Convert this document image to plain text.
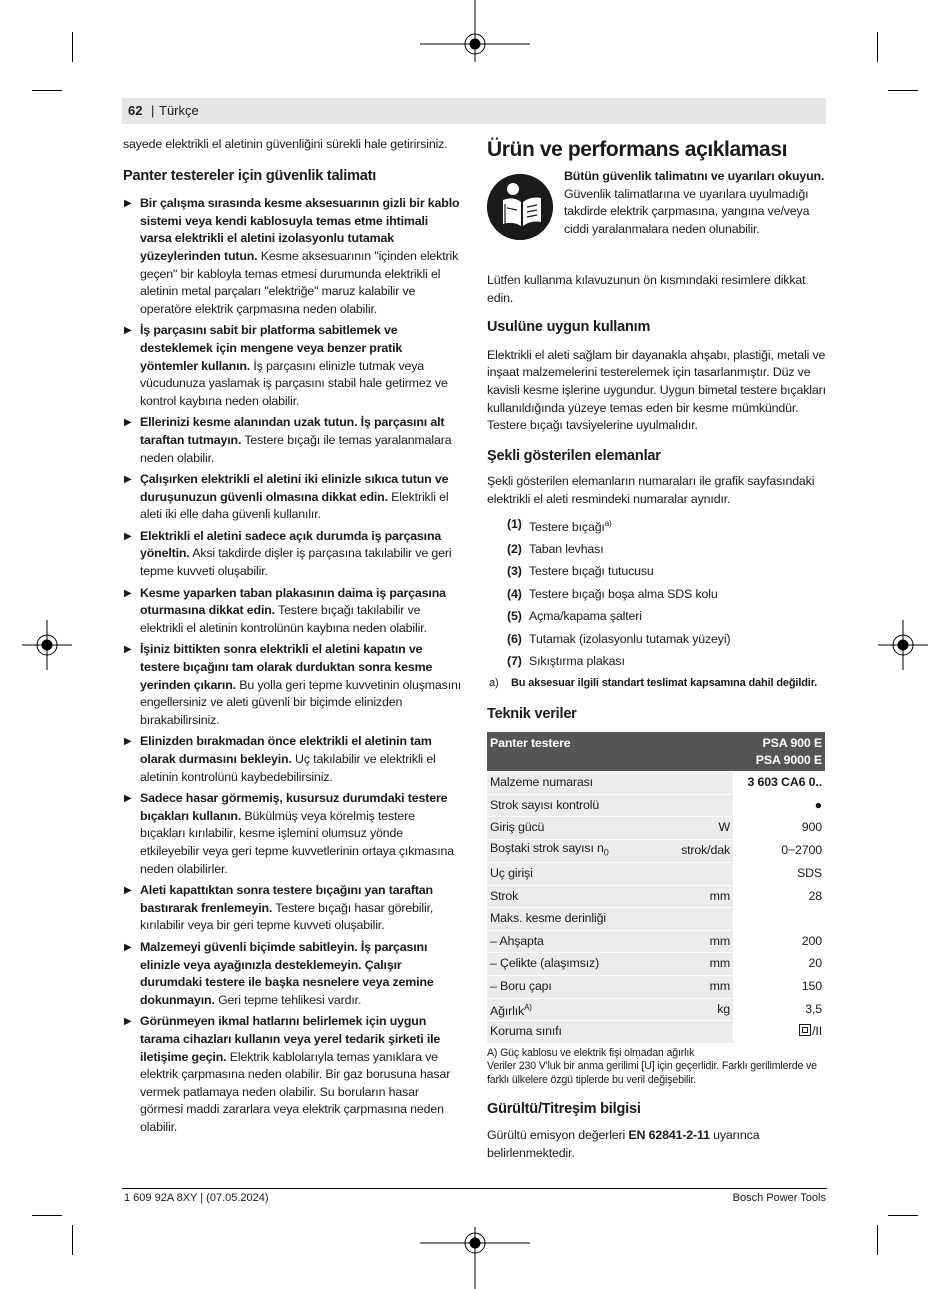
62 | Türkçe
sayede elektrikli el aletinin güvenliğini sürekli hale getirirsiniz.
Panter testereler için güvenlik talimatı
▶ Bir çalışma sırasında kesme aksesuarının gizli bir kablo sistemi veya kendi kablosuyla temas etme ihtimali varsa elektrikli el aletini izolasyonlu tutamak yüzeylerinden tutun. Kesme aksesuarının "içinden elektrik geçen" bir kabloyla temas etmesi durumunda elektrikli el aletinin metal parçaları "elektriğe" maruz kalabilir ve operatöre elektrik çarpmasına neden olabilir.
▶ İş parçasını sabit bir platforma sabitlemek ve desteklemek için mengene veya benzer pratik yöntemler kullanın. İş parçasını elinizle tutmak veya vücudunuza yaslamak iş parçasını stabil hale getirmez ve kontrol kaybına neden olabilir.
▶ Ellerinizi kesme alanından uzak tutun. İş parçasını alt taraftan tutmayın. Testere bıçağı ile temas yaralanmalara neden olabilir.
▶ Çalışırken elektrikli el aletini iki elinizle sıkıca tutun ve duruşunuzun güvenli olmasına dikkat edin. Elektrikli el aleti iki elle daha güvenli kullanılır.
▶ Elektrikli el aletini sadece açık durumda iş parçasına yöneltin. Aksi takdirde dişler iş parçasına takılabilir ve geri tepme kuvveti oluşabilir.
▶ Kesme yaparken taban plakasının daima iş parçasına oturmasına dikkat edin. Testere bıçağı takılabilir ve elektrikli el aletinin kontrolünün kaybına neden olabilir.
▶ İşiniz bittikten sonra elektrikli el aletini kapatın ve testere bıçağını tam olarak durduktan sonra kesme yerinden çıkarın. Bu yolla geri tepme kuvvetinin oluşmasını engellersiniz ve aleti güvenli bir biçimde elinizden bırakabilirsiniz.
▶ Elinizden bırakmadan önce elektrikli el aletinin tam olarak durmasını bekleyin. Uç takılabilir ve elektrikli el aletinin kontrolünü kaybedebilirsiniz.
▶ Sadece hasar görmemiş, kusursuz durumdaki testere bıçakları kullanın. Bükülmüş veya körelmiş testere bıçakları kırılabilir, kesme işlemini olumsuz yönde etkileyebilir veya geri tepme kuvvetlerinin ortaya çıkmasına neden olabilirler.
▶ Aleti kapattıktan sonra testere bıçağını yan taraftan bastırarak frenlemeyin. Testere bıçağı hasar görebilir, kırılabilir veya bir geri tepme kuvveti oluşabilir.
▶ Malzemeyi güvenli biçimde sabitleyin. İş parçasını elinizle veya ayağınızla desteklemeyin. Çalışır durumdaki testere ile başka nesnelere veya zemine dokunmayın. Geri tepme tehlikesi vardır.
▶ Görünmeyen ikmal hatlarını belirlemek için uygun tarama cihazları kullanın veya yerel tedarik şirketi ile iletişime geçin. Elektrik kablolarıyla temas yanıklara ve elektrik çarpmasına neden olabilir. Bir gaz borusuna hasar vermek patlamaya neden olabilir. Su boruların hasar görmesi maddi zararlara veya elektrik çarpmasına neden olabilir.
Ürün ve performans açıklaması
Bütün güvenlik talimatını ve uyarıları okuyun. Güvenlik talimatlarına ve uyarılara uyulmadığı takdirde elektrik çarpmasına, yangına ve/veya ciddi yaralanmalara neden olunabilir.
Lütfen kullanma kılavuzunun ön kısmındaki resimlere dikkat edin.
Usulüne uygun kullanım
Elektrikli el aleti sağlam bir dayanakla ahşabı, plastiği, metali ve inşaat malzemelerini testerelemek için tasarlanmıştır. Düz ve kavisli kesme işlerine uygundur. Uygun bimetal testere bıçakları kullanıldığında yüzeye temas eden bir kesme mümkündür. Testere bıçağı tavsiyelerine uyulmalıdır.
Şekli gösterilen elemanlar
Şekli gösterilen elemanların numaraları ile grafik sayfasındaki elektrikli el aleti resmindeki numaralar aynıdır.
(1) Testere bıçağı$^{a)}$
(2) Taban levhası
(3) Testere bıçağı tutucusu
(4) Testere bıçağı boşa alma SDS kolu
(5) Açma/kapama şalteri
(6) Tutamak (izolasyonlu tutamak yüzeyi)
(7) Sıkıştırma plakası
a)	Bu aksesuar ilgili standart teslimat kapsamına dahil değildir.
Teknik veriler
Panter testere		PSA 900 E
PSA 9000 E

Malzeme numarası		3 603 CA6 0..
Strok sayısı kontrolü		●
Giriş gücü	W	900
Boştaki strok sayısı $n_0$	strok/dak	0−2700
Uç girişi		SDS
Strok	mm	28
Maks. kesme derinliği		
– Ahşapta	mm	200
– Çelikte (alaşımsız)	mm	20
– Boru çapı	mm	150
Ağırlık$^{A)}$	kg	3,5
Koruma sınıfı		/II
A) Güç kablosu ve elektrik fişi olmadan ağırlık
Veriler 230 V'luk bir anma gerilimi [U] için geçerlidir. Farklı gerilimlerde ve farklı ülkelere özgü tiplerde bu veril değişebilir.
Gürültü/Titreşim bilgisi
Gürültü emisyon değerleri EN 62841-2-11 uyarınca belirlenmektedir.
1 609 92A 8XY | (07.05.2024)	Bosch Power Tools
